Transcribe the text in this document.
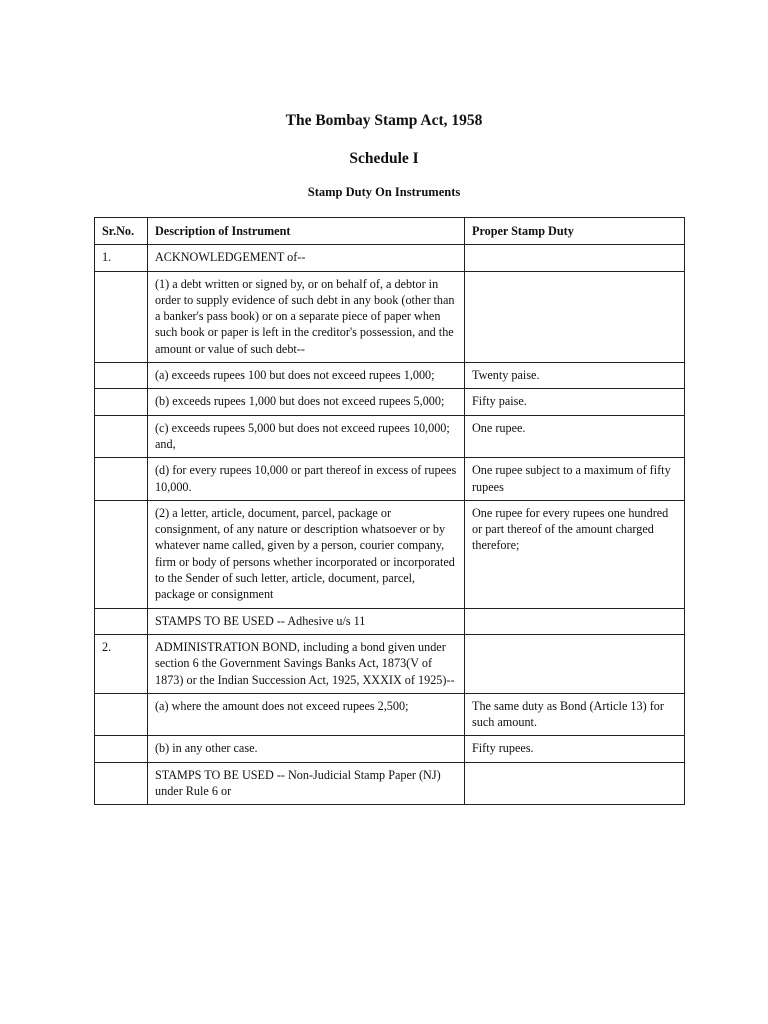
The Bombay Stamp Act, 1958
Schedule I
Stamp Duty On Instruments
Sr.No.	Description of Instrument	Proper Stamp Duty
1.	ACKNOWLEDGEMENT of--	
	(1) a debt written or signed by, or on behalf of, a debtor in order to supply evidence of such debt in any book (other than a banker's pass book) or on a separate piece of paper when such book or paper is left in the creditor's possession, and the amount or value of such debt--	
	(a) exceeds rupees 100 but does not exceed rupees 1,000;	Twenty paise.
	(b) exceeds rupees 1,000 but does not exceed rupees 5,000;	Fifty paise.
	(c) exceeds rupees 5,000 but does not exceed rupees 10,000; and,	One rupee.
	(d) for every rupees 10,000 or part thereof in excess of rupees 10,000.	One rupee subject to a maximum of fifty rupees
	(2) a letter, article, document, parcel, package or consignment, of any nature or description whatsoever or by whatever name called, given by a person, courier company, firm or body of persons whether incorporated or incorporated to the Sender of such letter, article, document, parcel, package or consignment	One rupee for every rupees one hundred or part thereof of the amount charged therefore;
	STAMPS TO BE USED -- Adhesive u/s 11	
2.	ADMINISTRATION BOND, including a bond given under section 6 the Government Savings Banks Act, 1873(V of 1873) or the Indian Succession Act, 1925, XXXIX of 1925)--	
	(a) where the amount does not exceed rupees 2,500;	The same duty as Bond (Article 13) for such amount.
	(b) in any other case.	Fifty rupees.
	STAMPS TO BE USED -- Non-Judicial Stamp Paper (NJ) under Rule 6 or	
